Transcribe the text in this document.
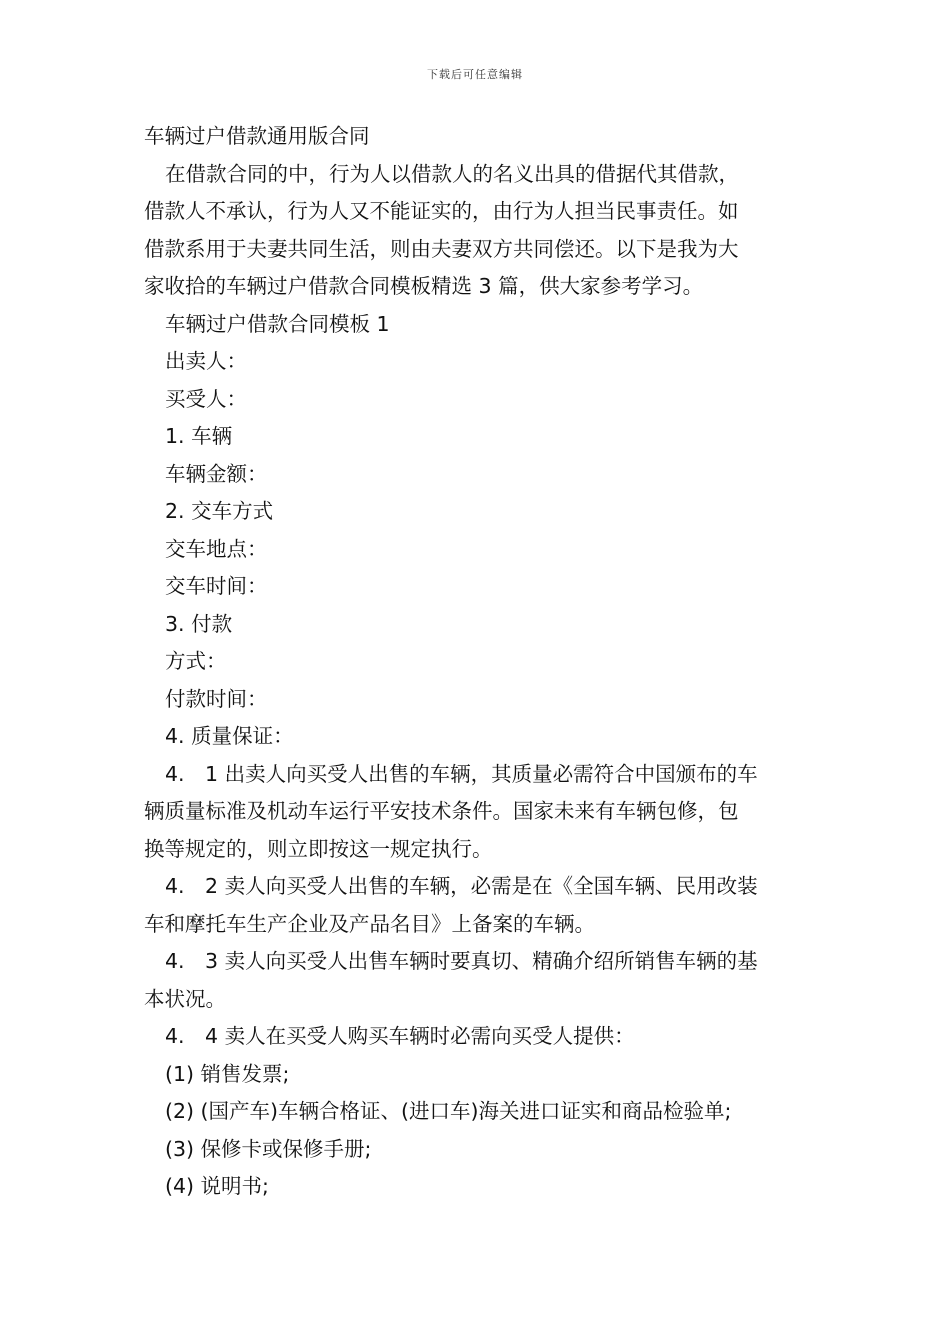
下载后可任意编辑
车辆过户借款通用版合同
在借款合同的中，行为人以借款人的名义出具的借据代其借款，
借款人不承认，行为人又不能证实的，由行为人担当民事责任。如
借款系用于夫妻共同生活，则由夫妻双方共同偿还。以下是我为大
家收拾的车辆过户借款合同模板精选 3 篇，供大家参考学习。
车辆过户借款合同模板 1
出卖人：
买受人：
1. 车辆
车辆金额：
2. 交车方式
交车地点：
交车时间：
3. 付款
方式：
付款时间：
4. 质量保证：
4.　1 出卖人向买受人出售的车辆，其质量必需符合中国颁布的车
辆质量标准及机动车运行平安技术条件。国家未来有车辆包修，包
换等规定的，则立即按这一规定执行。
4.　2 卖人向买受人出售的车辆，必需是在《全国车辆、民用改装
车和摩托车生产企业及产品名目》上备案的车辆。
4.　3 卖人向买受人出售车辆时要真切、精确介绍所销售车辆的基
本状况。
4.　4 卖人在买受人购买车辆时必需向买受人提供：
(1) 销售发票;
(2) (国产车)车辆合格证、(进口车)海关进口证实和商品检验单;
(3) 保修卡或保修手册;
(4) 说明书;
